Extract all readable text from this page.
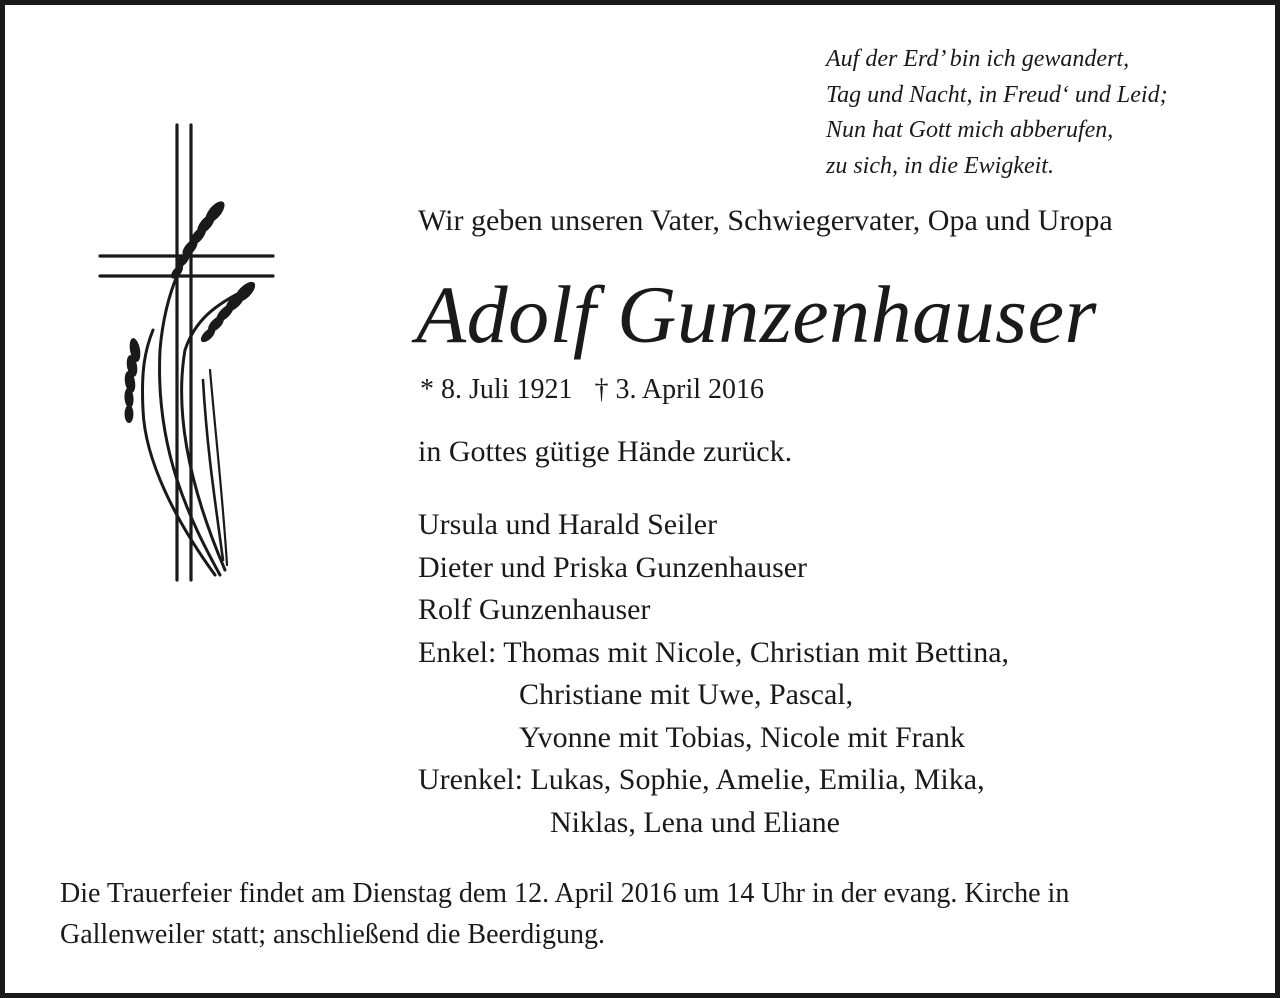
Auf der Erd’ bin ich gewandert,
Tag und Nacht, in Freud‘ und Leid;
Nun hat Gott mich abberufen,
zu sich, in die Ewigkeit.
Wir geben unseren Vater, Schwiegervater, Opa und Uropa
Adolf Gunzenhauser
* 8. Juli 1921 † 3. April 2016
in Gottes gütige Hände zurück.
Ursula und Harald Seiler
Dieter und Priska Gunzenhauser
Rolf Gunzenhauser
Enkel: Thomas mit Nicole, Christian mit Bettina,
Christiane mit Uwe, Pascal,
Yvonne mit Tobias, Nicole mit Frank
Urenkel: Lukas, Sophie, Amelie, Emilia, Mika,
Niklas, Lena und Eliane
Die Trauerfeier findet am Dienstag dem 12. April 2016 um 14 Uhr in der evang. Kirche in
Gallenweiler statt; anschließend die Beerdigung.
